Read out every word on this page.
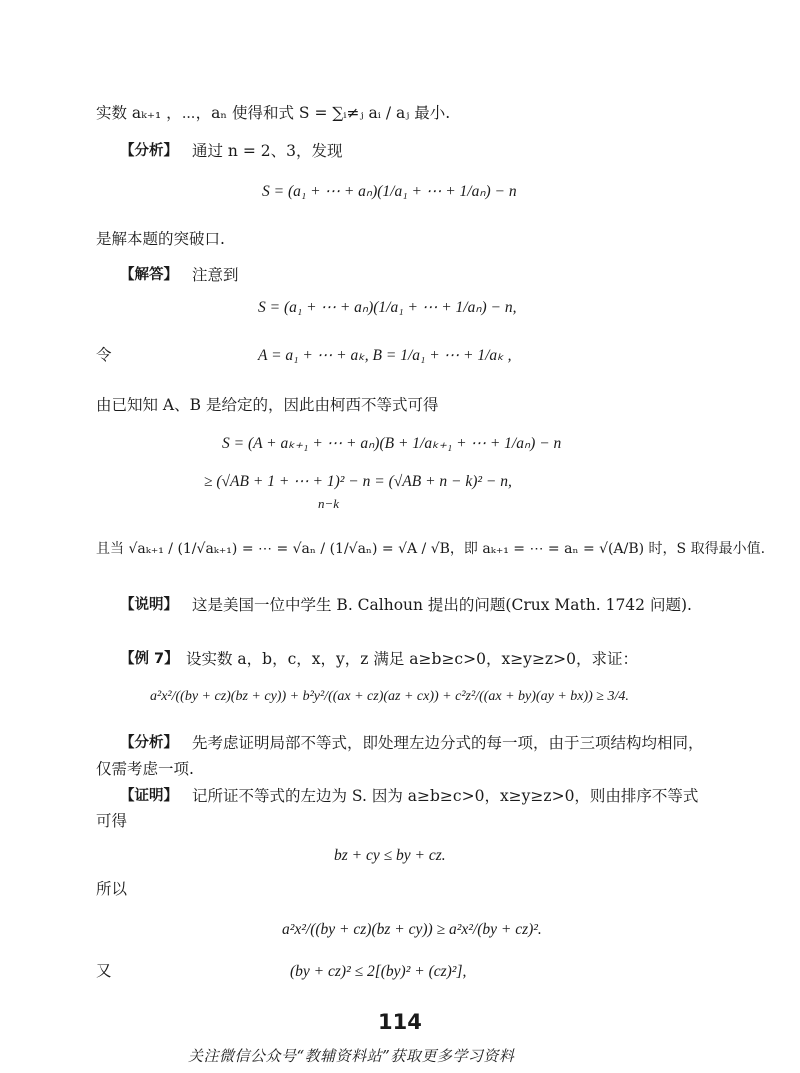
实数 aₖ₊₁ ，⋯，aₙ 使得和式 S = ∑ᵢ≠ⱼ aᵢ / aⱼ 最小.
【分析】 通过 n = 2、3，发现
S = (a₁ + ⋯ + aₙ)(1/a₁ + ⋯ + 1/aₙ) − n
是解本题的突破口.
【解答】 注意到
S = (a₁ + ⋯ + aₙ)(1/a₁ + ⋯ + 1/aₙ) − n,
令	A = a₁ + ⋯ + aₖ, B = 1/a₁ + ⋯ + 1/aₖ ,
由已知知 A、B 是给定的，因此由柯西不等式可得
S = (A + aₖ₊₁ + ⋯ + aₙ)(B + 1/aₖ₊₁ + ⋯ + 1/aₙ) − n
≥ (√AB + 1 + ⋯ + 1)² − n = (√AB + n − k)² − n,
n−k
且当 √aₖ₊₁ / (1/√aₖ₊₁) = ⋯ = √aₙ / (1/√aₙ) = √A / √B，即 aₖ₊₁ = ⋯ = aₙ = √(A/B) 时，S 取得最小值.
【说明】 这是美国一位中学生 B. Calhoun 提出的问题(Crux Math. 1742 问题).
【例 7】 设实数 a，b，c，x，y，z 满足 a≥b≥c>0，x≥y≥z>0，求证：
a²x²/((by + cz)(bz + cy)) + b²y²/((ax + cz)(az + cx)) + c²z²/((ax + by)(ay + bx)) ≥ 3/4.
【分析】 先考虑证明局部不等式，即处理左边分式的每一项，由于三项结构均相同，
仅需考虑一项.
【证明】 记所证不等式的左边为 S. 因为 a≥b≥c>0，x≥y≥z>0，则由排序不等式
可得
bz + cy ≤ by + cz.
所以
a²x²/((by + cz)(bz + cy)) ≥ a²x²/(by + cz)².
又	(by + cz)² ≤ 2[(by)² + (cz)²],
114
关注微信公众号“教辅资料站”获取更多学习资料
